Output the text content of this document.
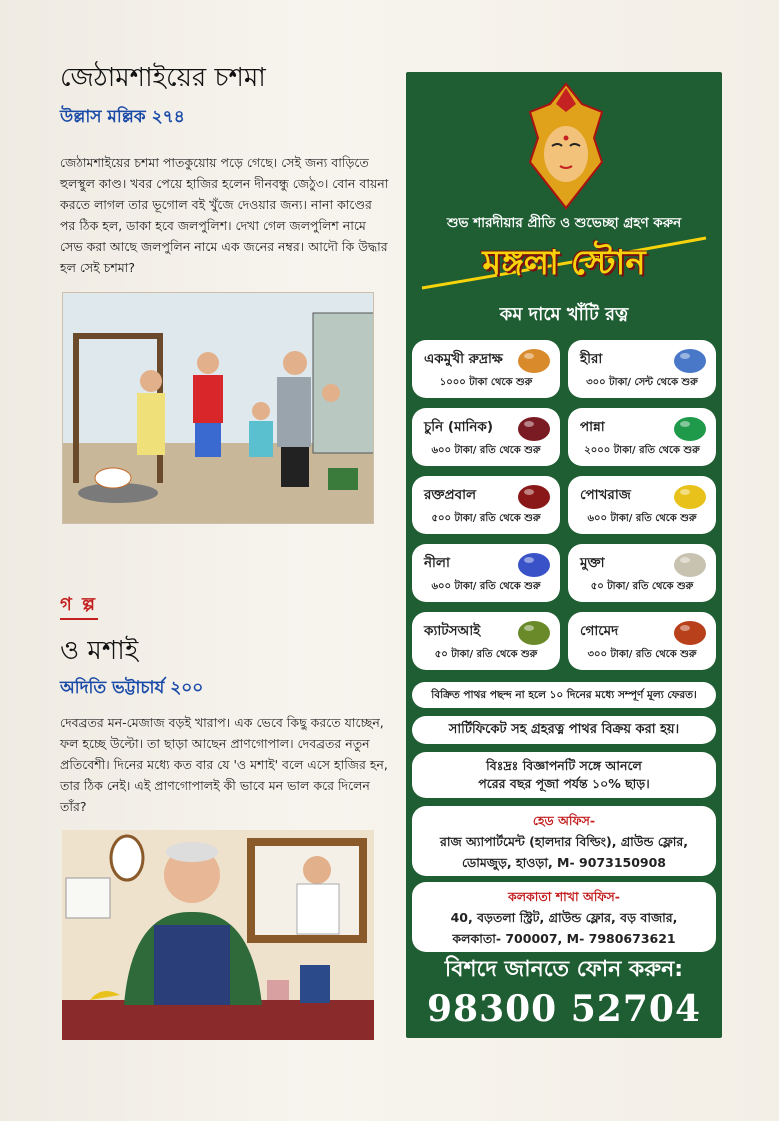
জেঠামশাইয়ের চশমা
উল্লাস মল্লিক ২৭৪
জেঠামশাইয়ের চশমা পাতকুয়োয় পড়ে গেছে। সেই জন্য বাড়িতে হুলস্থুল কাণ্ড। খবর পেয়ে হাজির হলেন দীনবন্ধু জেঠু৩। বোন বায়না করতে লাগল তার ভূগোল বই খুঁজে দেওয়ার জন্য। নানা কাণ্ডের পর ঠিক হল, ডাকা হবে জলপুলিশ। দেখা গেল জলপুলিশ নামে সেভ করা আছে জলপুলিন নামে এক জনের নম্বর। আদৌ কি উদ্ধার হল সেই চশমা?
গ ল্প
ও মশাই
অদিতি ভট্টাচার্য ২০০
দেবব্রতর মন-মেজাজ বড়ই খারাপ। এক ভেবে কিছু করতে যাচ্ছেন, ফল হচ্ছে উল্টো। তা ছাড়া আছেন প্রাণগোপাল। দেবব্রতর নতুন প্রতিবেশী। দিনের মধ্যে কত বার যে 'ও মশাই' বলে এসে হাজির হন, তার ঠিক নেই। এই প্রাণগোপালই কী ভাবে মন ভাল করে দিলেন তাঁর?
শুভ শারদীয়ার প্রীতি ও শুভেচ্ছা গ্রহণ করুন
মঙ্গলা স্টোন
কম দামে খাঁটি রত্ন
একমুখী রুদ্রাক্ষ
১০০০ টাকা থেকে শুরু
হীরা
৩০০ টাকা/ সেন্ট থেকে শুরু
চুনি (মানিক)
৬০০ টাকা/ রতি থেকে শুরু
পান্না
২০০০ টাকা/ রতি থেকে শুরু
রক্তপ্রবাল
৫০০ টাকা/ রতি থেকে শুরু
পোখরাজ
৬০০ টাকা/ রতি থেকে শুরু
নীলা
৬০০ টাকা/ রতি থেকে শুরু
মুক্তা
৫০ টাকা/ রতি থেকে শুরু
ক্যাটসআই
৫০ টাকা/ রতি থেকে শুরু
গোমেদ
৩০০ টাকা/ রতি থেকে শুরু
বিক্রিত পাথর পছন্দ না হলে ১০ দিনের মধ্যে সম্পূর্ণ মূল্য ফেরত।
সার্টিফিকেট সহ গ্রহরত্ন পাথর বিক্রয় করা হয়।
বিঃদ্রঃ বিজ্ঞাপনটি সঙ্গে আনলে
পরের বছর পূজা পর্যন্ত ১০% ছাড়।
হেড অফিস-
রাজ অ্যাপার্টমেন্ট (হালদার বিল্ডিং), গ্রাউন্ড ফ্লোর,
ডোমজুড়, হাওড়া, M- 9073150908
কলকাতা শাখা অফিস-
40, বড়তলা স্ট্রিট, গ্রাউন্ড ফ্লোর, বড় বাজার,
কলকাতা- 700007, M- 7980673621
বিশদে জানতে ফোন করুন:
98300 52704
